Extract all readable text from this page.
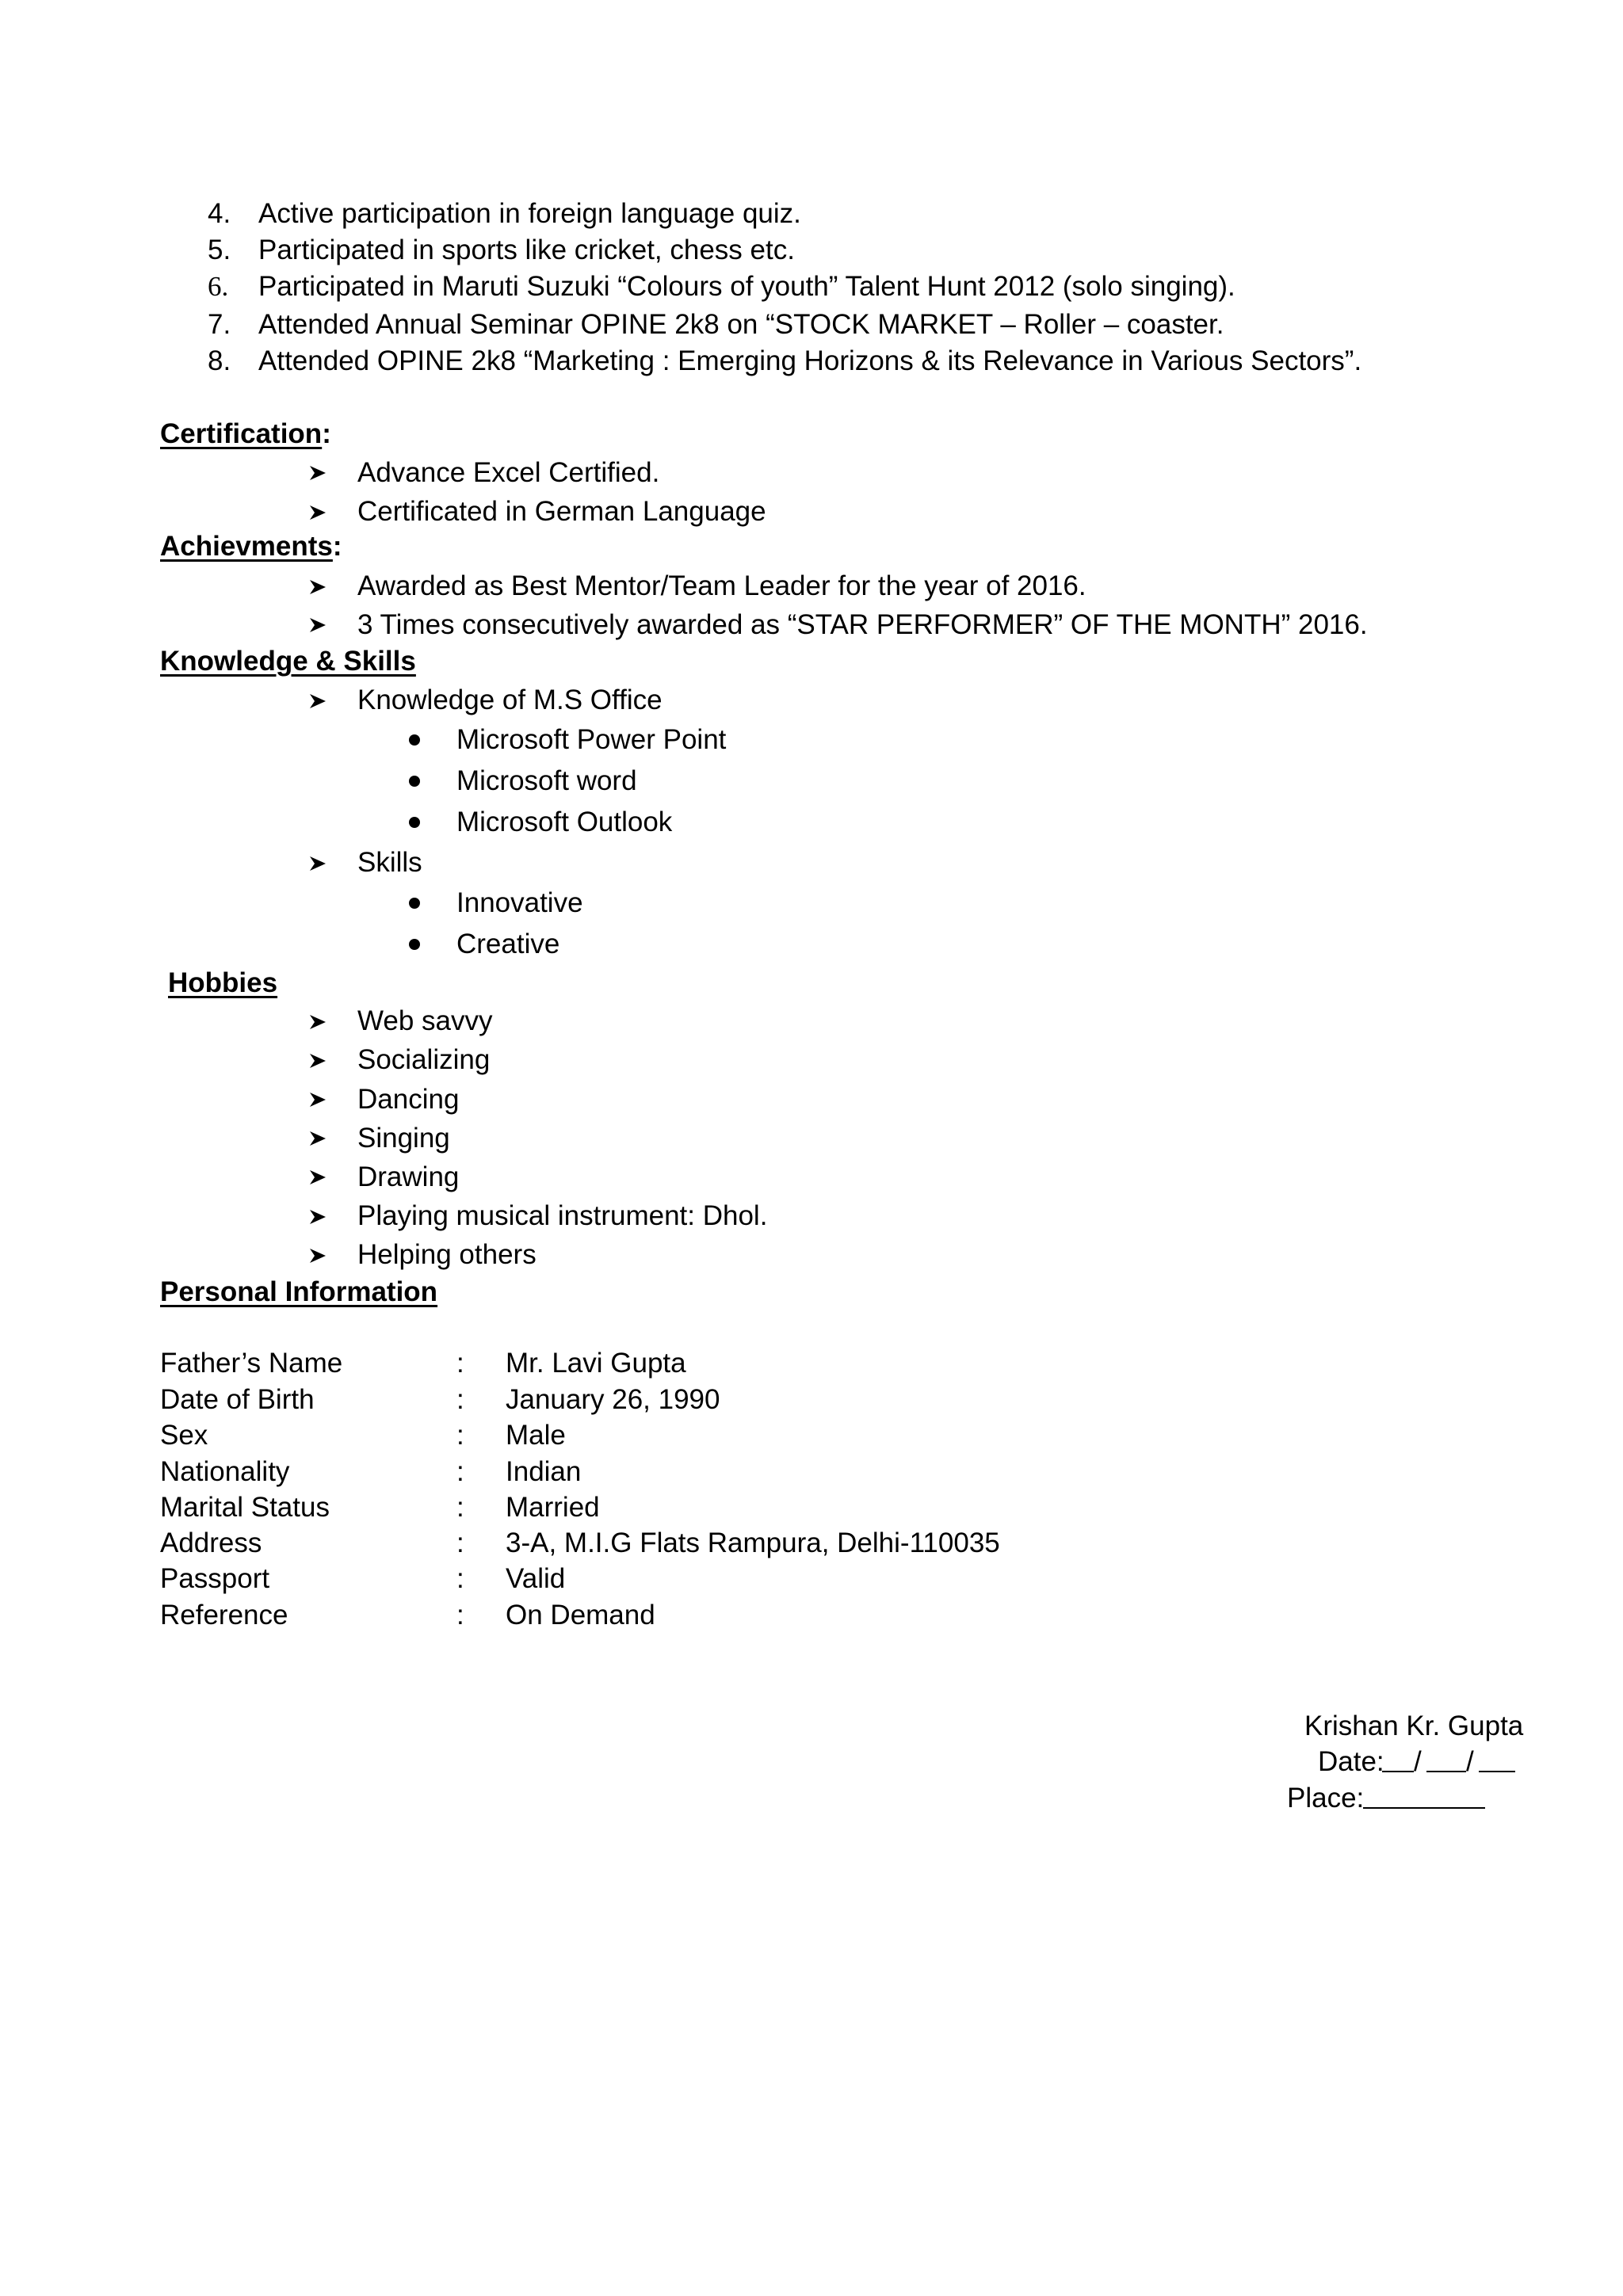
4. Active participation in foreign language quiz.
5. Participated in sports like cricket, chess etc.
6. Participated in Maruti Suzuki “Colours of youth” Talent Hunt 2012 (solo singing).
7. Attended Annual Seminar OPINE 2k8 on “STOCK MARKET – Roller – coaster.
8. Attended OPINE 2k8 “Marketing : Emerging Horizons & its Relevance in Various Sectors”.
Certification:
Advance Excel Certified.
Certificated in German Language
Achievments:
Awarded as Best Mentor/Team Leader for the year of 2016.
3 Times consecutively awarded as “STAR PERFORMER” OF THE MONTH” 2016.
Knowledge & Skills
Knowledge of M.S Office
Microsoft Power Point
Microsoft word
Microsoft Outlook
Skills
Innovative
Creative
Hobbies
Web savvy
Socializing
Dancing
Singing
Drawing
Playing musical instrument: Dhol.
Helping others
Personal Information
Father’s Name	: Mr. Lavi Gupta
Date of Birth	: January 26, 1990
Sex	: Male
Nationality	: Indian
Marital Status	: Married
Address	: 3-A, M.I.G Flats Rampura, Delhi-110035
Passport	: Valid
Reference	: On Demand
Krishan Kr. Gupta
Date: / /
Place:
